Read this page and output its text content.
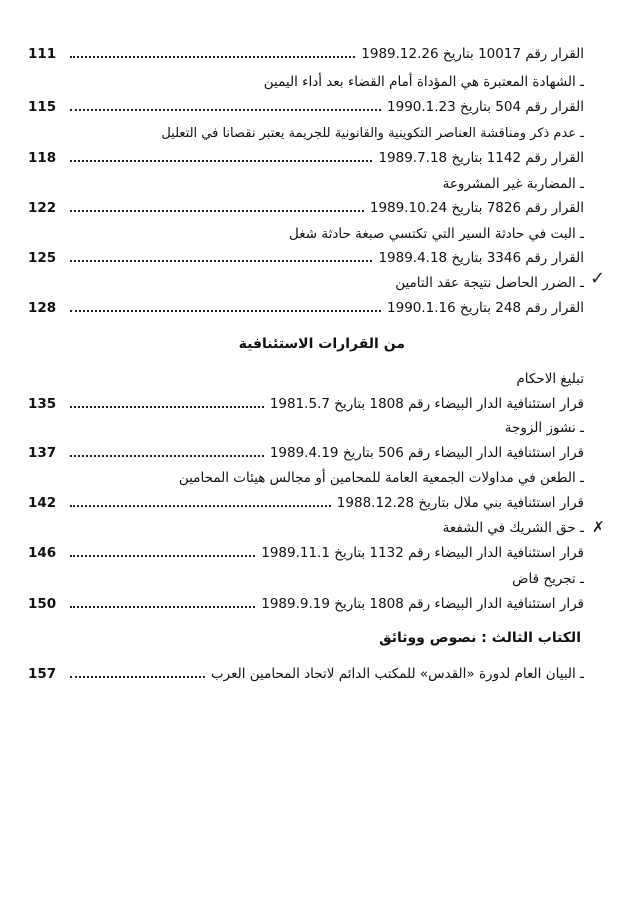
111	القرار رقم 10017 بتاريخ 1989.12.26
ـ الشهادة المعتبرة هي المؤداة أمام القضاء بعد أداء اليمين
115	القرار رقم 504 بتاريخ 1990.1.23
ـ عدم ذكر ومناقشة العناصر التكوينية والقانونية للجريمة يعتبر نقصانا في التعليل
118	القرار رقم 1142 بتاريخ 1989.7.18
ـ المضاربة غير المشروعة
122	القرار رقم 7826 بتاريخ 1989.10.24
ـ البت في حادثة السير التي تكتسي صبغة حادثة شغل
125	القرار رقم 3346 بتاريخ 1989.4.18
ـ الضرر الحاصل نتيجة عقد التامين
128	القرار رقم 248 بتاريخ 1990.1.16
✓
✗
من القرارات الاستئنافية
تبليغ الاحكام
135	قرار استئنافية الدار البيضاء رقم 1808 بتاريخ 1981.5.7
ـ نشوز الزوجة
137	قرار استئنافية الدار البيضاء رقم 506 بتاريخ 1989.4.19
ـ الطعن في مداولات الجمعية العامة للمحامين أو مجالس هيئات المحامين
142	قرار استئنافية بني ملال بتاريخ 1988.12.28
ـ حق الشريك في الشفعة
146	قرار استئنافية الدار البيضاء رقم 1132 بتاريخ 1989.11.1
ـ تجريح قاض
150	قرار استئنافية الدار البيضاء رقم 1808 بتاريخ 1989.9.19
الكتاب الثالث : نصوص ووثائق
157	ـ البيان العام لدورة «القدس» للمكتب الدائم لاتحاد المحامين العرب
